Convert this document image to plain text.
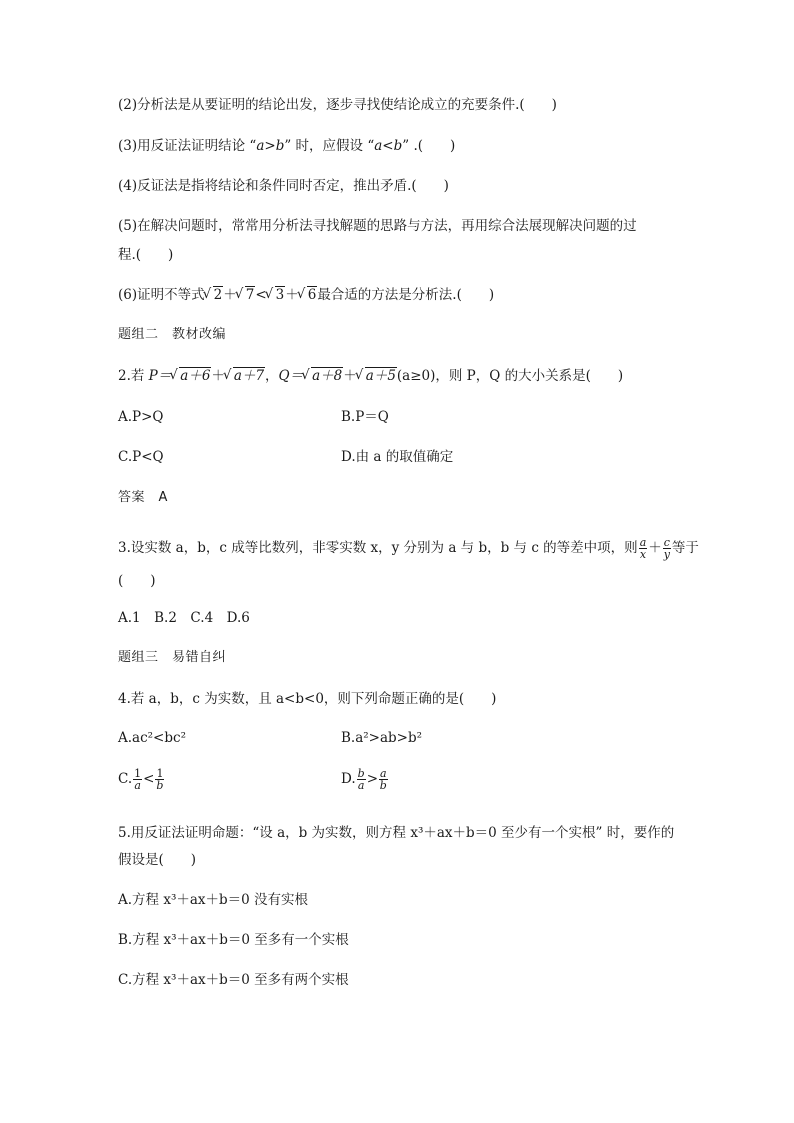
(2)分析法是从要证明的结论出发，逐步寻找使结论成立的充要条件.(　　)
(3)用反证法证明结论 “a>b” 时，应假设 “a<b” .(　　)
(4)反证法是指将结论和条件同时否定，推出矛盾.(　　)
(5)在解决问题时，常常用分析法寻找解题的思路与方法，再用综合法展现解决问题的过
程.(　　)
(6)证明不等式 √ 2＋ √ 7< √ 3＋ √ 6最合适的方法是分析法.(　　)
题组二　教材改编
2.若 P＝ √ a＋6＋ √ a＋7，Q＝ √ a＋8＋ √ a＋5(a≥0)，则 P，Q 的大小关系是(　　)
A.P>Q	B.P＝Q
C.P<Q	D.由 a 的取值确定
答案　A
3.设实数 a，b，c 成等比数列，非零实数 x，y 分别为 a 与 b，b 与 c 的等差中项，则 $\frac{a}{x} + \frac{c}{y}$ 等于
(　　)
A.1　B.2　C.4　D.6
题组三　易错自纠
4.若 a，b，c 为实数，且 a<b<0，则下列命题正确的是(　　)
A.ac²<bc²	B.a²>ab>b²
C. $\frac{1}{a} < \frac{1}{b}$	D. $\frac{b}{a} > \frac{a}{b}$
5.用反证法证明命题：“设 a，b 为实数，则方程 x³＋ax＋b＝0 至少有一个实根” 时，要作的
假设是(　　)
A.方程 x³＋ax＋b＝0 没有实根
B.方程 x³＋ax＋b＝0 至多有一个实根
C.方程 x³＋ax＋b＝0 至多有两个实根
